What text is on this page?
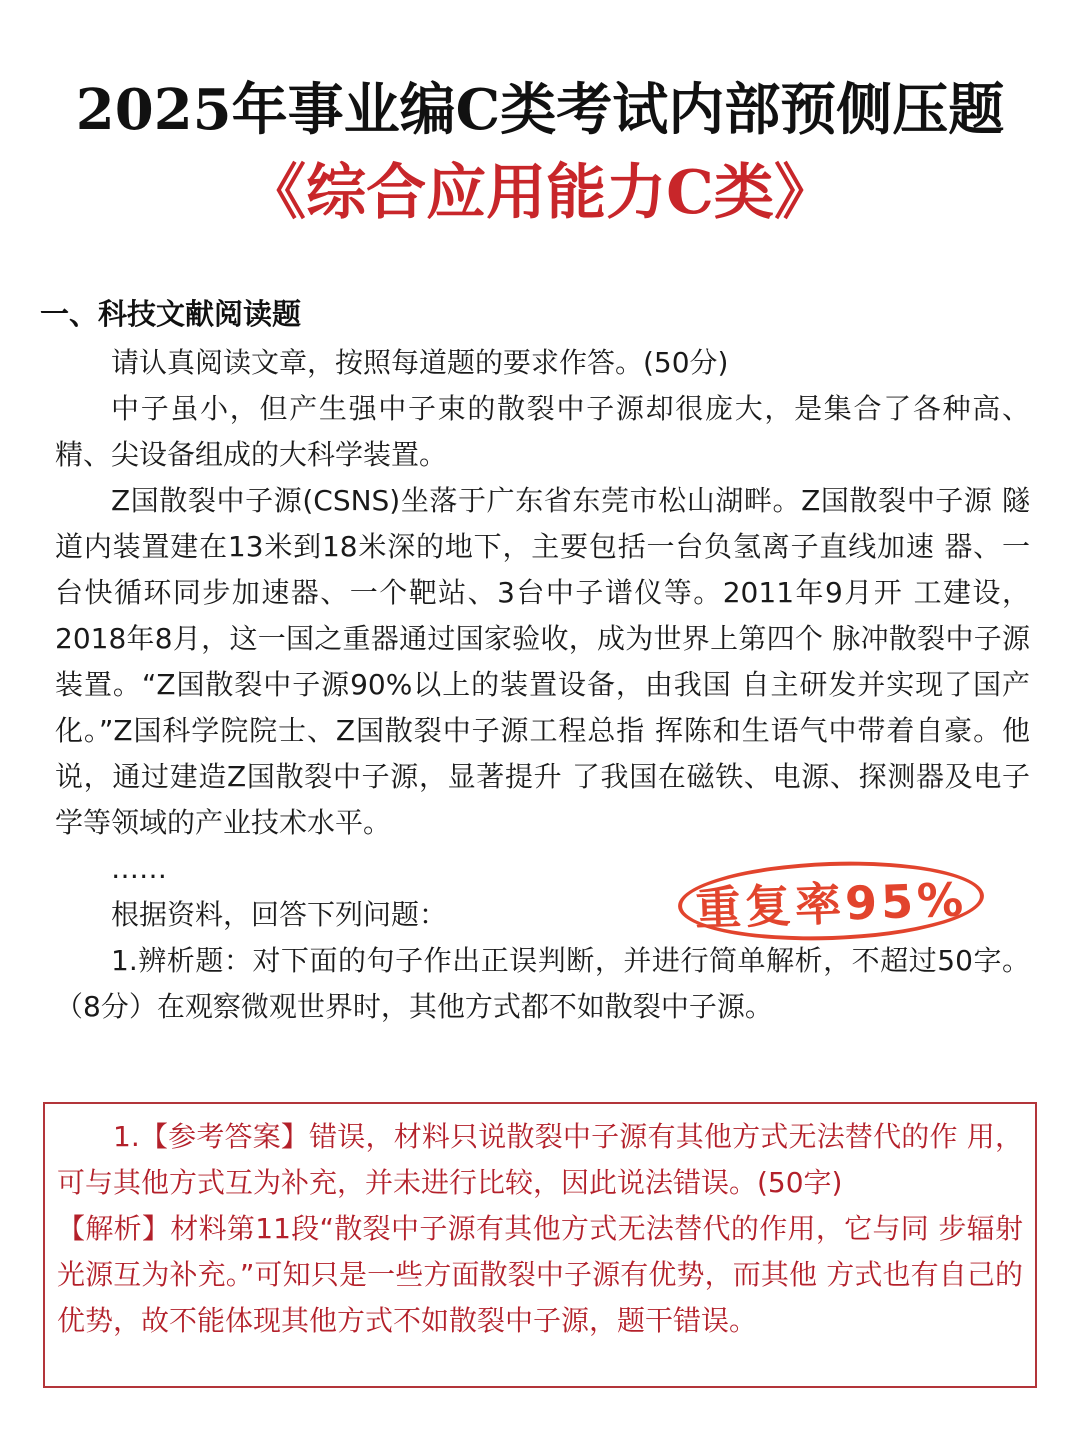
2025年事业编C类考试内部预侧压题
《综合应用能力C类》
一、科技文献阅读题

请认真阅读文章，按照每道题的要求作答。(50分)

中子虽小，但产生强中子束的散裂中子源却很庞大，是集合了各种高、 精、尖设备组成的大科学装置。

Z国散裂中子源(CSNS)坐落于广东省东莞市松山湖畔。Z国散裂中子源 隧道内装置建在13米到18米深的地下，主要包括一台负氢离子直线加速 器、一台快循环同步加速器、一个靶站、3台中子谱仪等。2011年9月开 工建设，2018年8月，这一国之重器通过国家验收，成为世界上第四个 脉冲散裂中子源装置。“Z国散裂中子源90%以上的装置设备，由我国 自主研发并实现了国产化。”Z国科学院院士、Z国散裂中子源工程总指 挥陈和生语气中带着自豪。他说，通过建造Z国散裂中子源，显著提升 了我国在磁铁、电源、探测器及电子学等领域的产业技术水平。

……

根据资料，回答下列问题：

1.辨析题：对下面的句子作出正误判断，并进行简单解析，不超过50字。 （8分）在观察微观世界时，其他方式都不如散裂中子源。

重复率95%

1.【参考答案】错误，材料只说散裂中子源有其他方式无法替代的作 用，可与其他方式互为补充，并未进行比较，因此说法错误。(50字)

【解析】材料第11段“散裂中子源有其他方式无法替代的作用，它与同 步辐射光源互为补充。”可知只是一些方面散裂中子源有优势，而其他 方式也有自己的优势，故不能体现其他方式不如散裂中子源，题干错误。
